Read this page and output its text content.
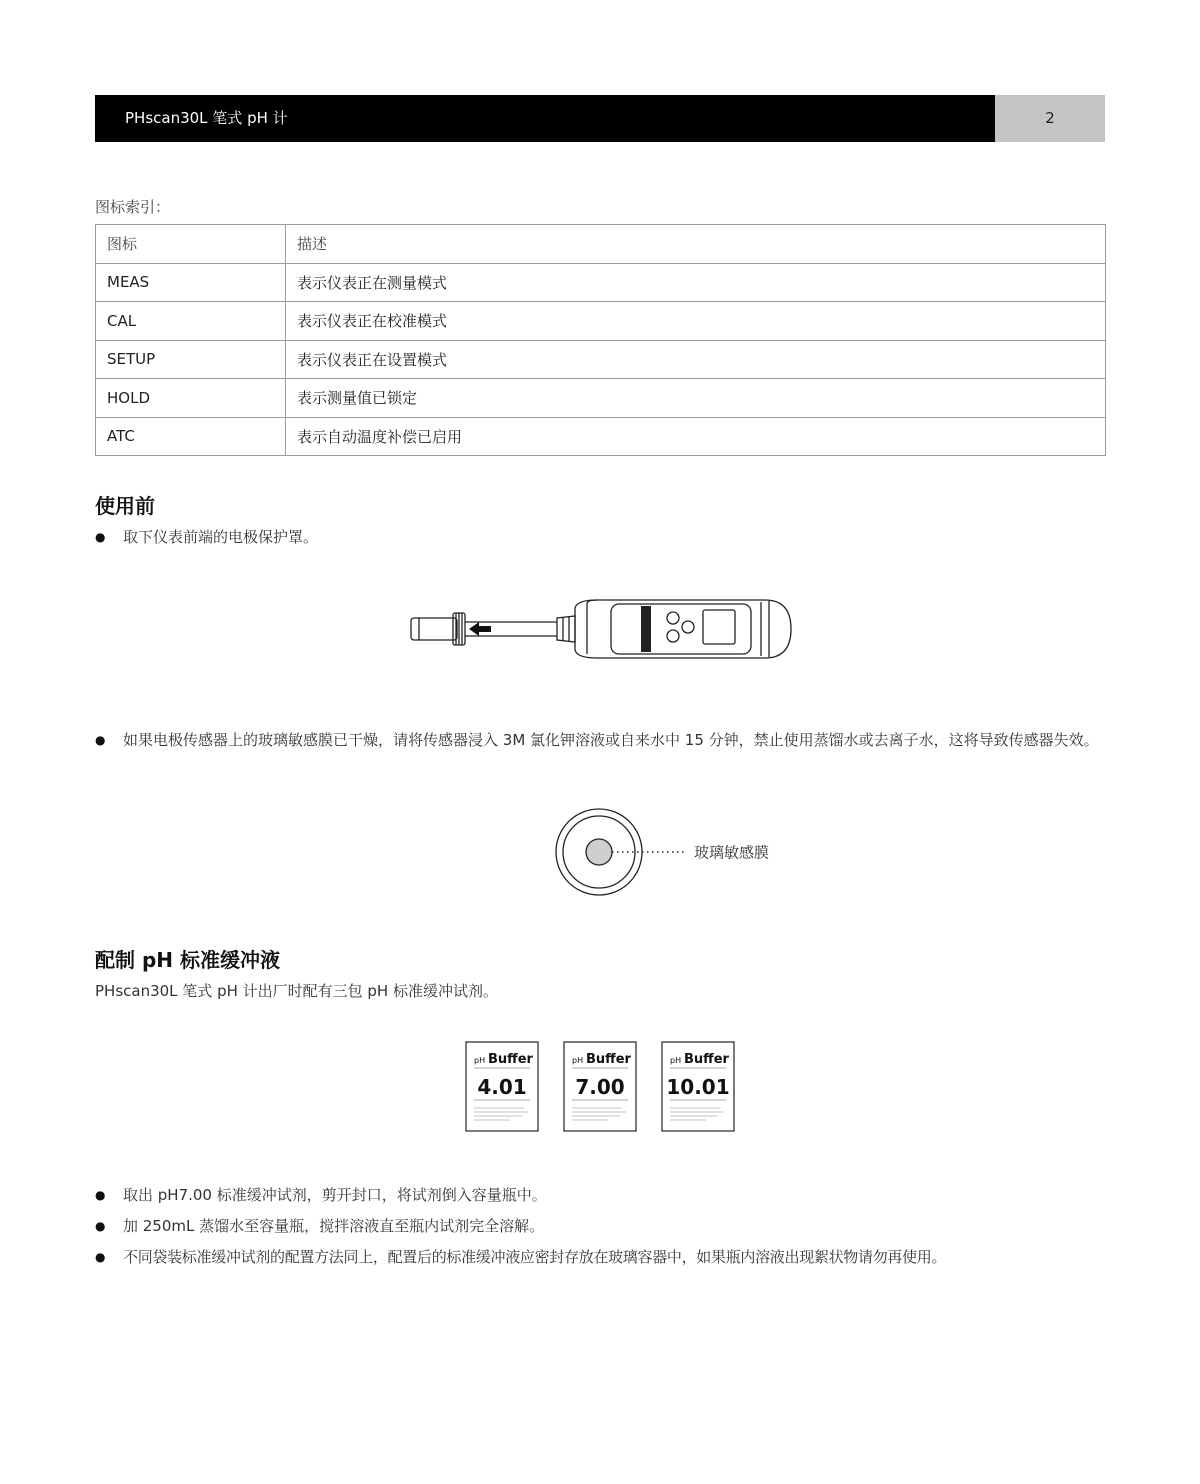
PHscan30L 笔式 pH 计	2
图标索引：
图标	描述
MEAS	表示仪表正在测量模式
CAL	表示仪表正在校准模式
SETUP	表示仪表正在设置模式
HOLD	表示测量值已锁定
ATC	表示自动温度补偿已启用
使用前
● 取下仪表前端的电极保护罩。
● 如果电极传感器上的玻璃敏感膜已干燥，请将传感器浸入 3M 氯化钾溶液或自来水中 15 分钟，禁止使用蒸馏水或去离子水，这将导致传感器失效。
玻璃敏感膜
配制 pH 标准缓冲液
PHscan30L 笔式 pH 计出厂时配有三包 pH 标准缓冲试剂。
pH Buffer
4.01
pH Buffer
7.00
pH Buffer
10.01
● 取出 pH7.00 标准缓冲试剂，剪开封口，将试剂倒入容量瓶中。
● 加 250mL 蒸馏水至容量瓶，搅拌溶液直至瓶内试剂完全溶解。
● 不同袋装标准缓冲试剂的配置方法同上，配置后的标准缓冲液应密封存放在玻璃容器中，如果瓶内溶液出现絮状物请勿再使用。
